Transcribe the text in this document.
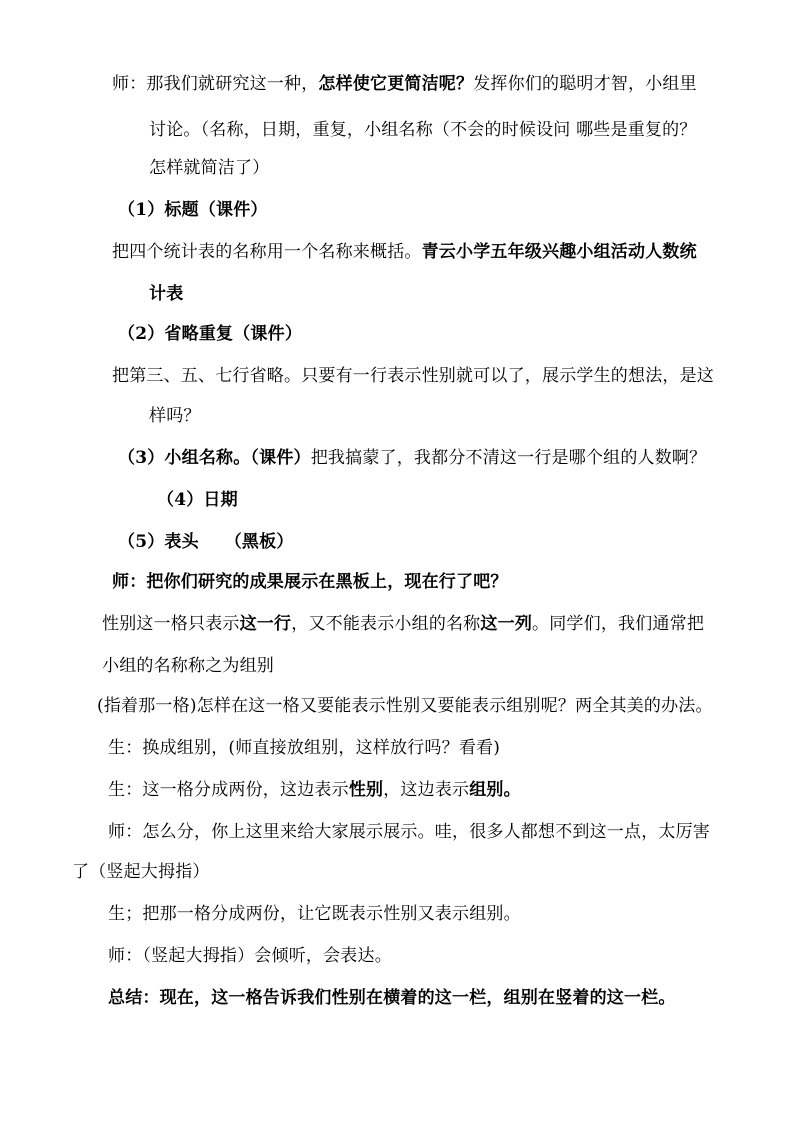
师：那我们就研究这一种，怎样使它更简洁呢？发挥你们的聪明才智，小组里
讨论。（名称，日期，重复，小组名称（不会的时候设问 哪些是重复的？
怎样就简洁了）
（1）标题（课件）
把四个统计表的名称用一个名称来概括。青云小学五年级兴趣小组活动人数统
计表
（2）省略重复（课件）
把第三、五、七行省略。只要有一行表示性别就可以了，展示学生的想法，是这
样吗？
（3）小组名称。（课件）把我搞蒙了，我都分不清这一行是哪个组的人数啊？
（4）日期
（5）表头　　（黑板）
师：把你们研究的成果展示在黑板上，现在行了吧？
性别这一格只表示这一行，又不能表示小组的名称这一列。同学们，我们通常把
小组的名称称之为组别
(指着那一格)怎样在这一格又要能表示性别又要能表示组别呢？两全其美的办法。
生：换成组别，(师直接放组别，这样放行吗？看看)
生：这一格分成两份，这边表示性别，这边表示组别。
师：怎么分，你上这里来给大家展示展示。哇，很多人都想不到这一点，太厉害
了（竖起大拇指）
生；把那一格分成两份，让它既表示性别又表示组别。
师：（竖起大拇指）会倾听，会表达。
总结：现在，这一格告诉我们性别在横着的这一栏，组别在竖着的这一栏。
